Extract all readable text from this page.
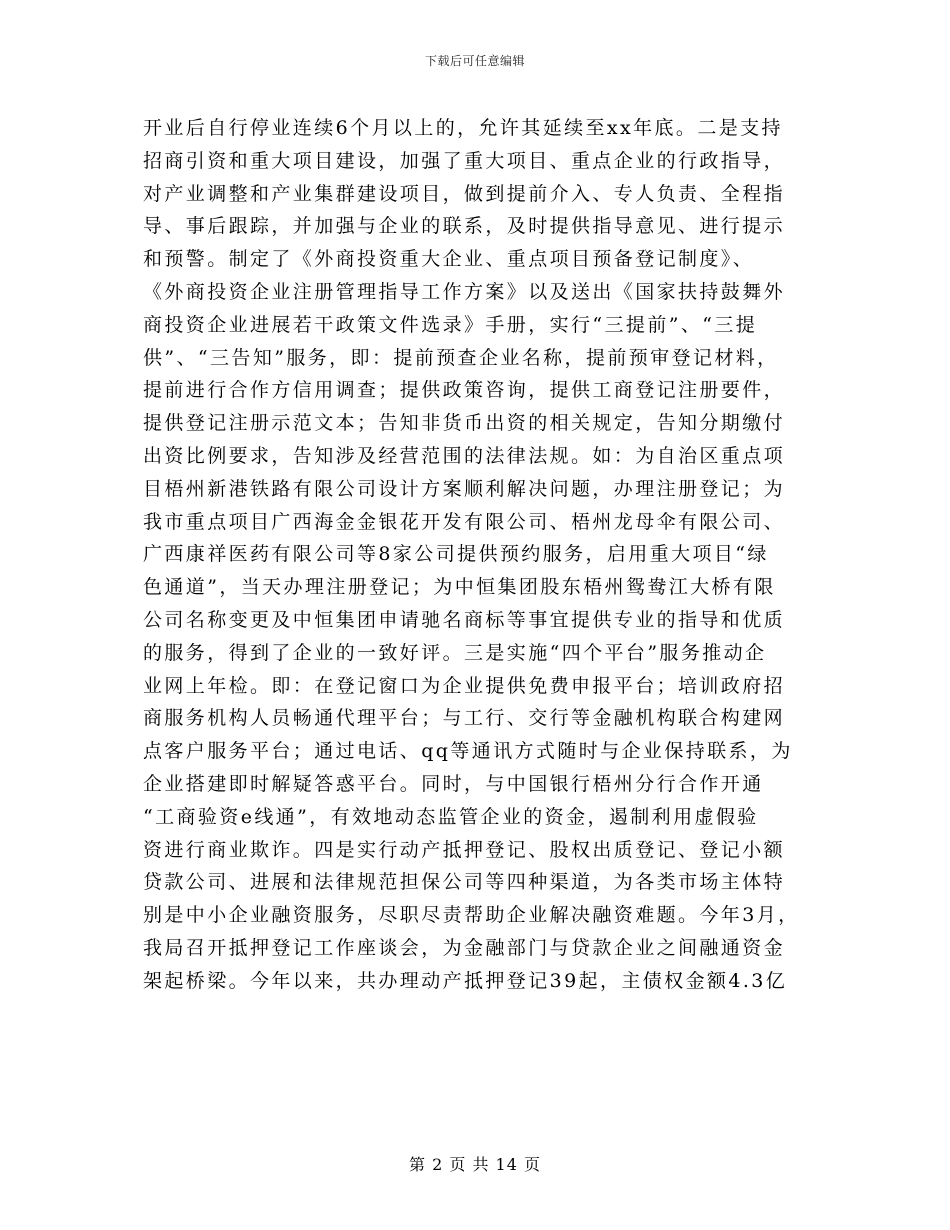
下载后可任意编辑
开业后自行停业连续6个月以上的，允许其延续至xx年底。二是支持
招商引资和重大项目建设，加强了重大项目、重点企业的行政指导，
对产业调整和产业集群建设项目，做到提前介入、专人负责、全程指
导、事后跟踪，并加强与企业的联系，及时提供指导意见、进行提示
和预警。制定了《外商投资重大企业、重点项目预备登记制度》、
《外商投资企业注册管理指导工作方案》以及送出《国家扶持鼓舞外
商投资企业进展若干政策文件选录》手册，实行“三提前”、“三提
供”、“三告知”服务，即：提前预查企业名称，提前预审登记材料，
提前进行合作方信用调查；提供政策咨询，提供工商登记注册要件，
提供登记注册示范文本；告知非货币出资的相关规定，告知分期缴付
出资比例要求，告知涉及经营范围的法律法规。如：为自治区重点项
目梧州新港铁路有限公司设计方案顺利解决问题，办理注册登记；为
我市重点项目广西海金金银花开发有限公司、梧州龙母伞有限公司、
广西康祥医药有限公司等8家公司提供预约服务，启用重大项目“绿
色通道”，当天办理注册登记；为中恒集团股东梧州鸳鸯江大桥有限
公司名称变更及中恒集团申请驰名商标等事宜提供专业的指导和优质
的服务，得到了企业的一致好评。三是实施“四个平台”服务推动企
业网上年检。即：在登记窗口为企业提供免费申报平台；培训政府招
商服务机构人员畅通代理平台；与工行、交行等金融机构联合构建网
点客户服务平台；通过电话、qq等通讯方式随时与企业保持联系，为
企业搭建即时解疑答惑平台。同时，与中国银行梧州分行合作开通
“工商验资e线通”，有效地动态监管企业的资金，遏制利用虚假验
资进行商业欺诈。四是实行动产抵押登记、股权出质登记、登记小额
贷款公司、进展和法律规范担保公司等四种渠道，为各类市场主体特
别是中小企业融资服务，尽职尽责帮助企业解决融资难题。今年3月，
我局召开抵押登记工作座谈会，为金融部门与贷款企业之间融通资金
架起桥梁。今年以来，共办理动产抵押登记39起，主债权金额4.3亿
第 2 页 共 14 页
